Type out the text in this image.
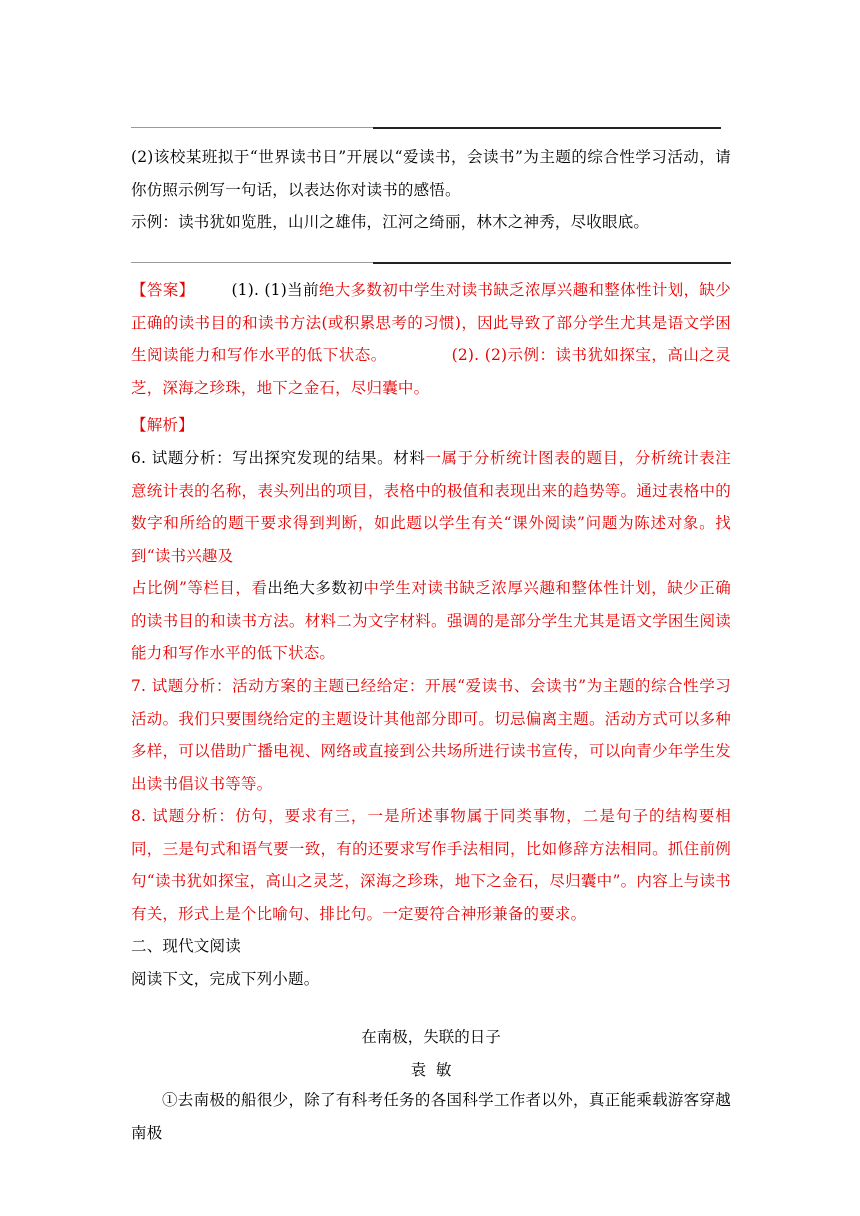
(2)该校某班拟于“世界读书日”开展以“爱读书，会读书”为主题的综合性学习活动，请你仿照示例写一句话，以表达你对读书的感悟。
示例：读书犹如览胜，山川之雄伟，江河之绮丽，林木之神秀，尽收眼底。
【答案】 (1). (1)当前绝大多数初中学生对读书缺乏浓厚兴趣和整体性计划，缺少正确的读书目的和读书方法(或积累思考的习惯)，因此导致了部分学生尤其是语文学困生阅读能力和写作水平的低下状态。	(2). (2)示例：读书犹如探宝，高山之灵芝，深海之珍珠，地下之金石，尽归囊中。
【解析】
6. 试题分析：写出探究发现的结果。材料一属于分析统计图表的题目，分析统计表注意统计表的名称，表头列出的项目，表格中的极值和表现出来的趋势等。通过表格中的数字和所给的题干要求得到判断，如此题以学生有关“课外阅读”问题为陈述对象。找到“读书兴趣及
占比例”等栏目，看出绝大多数初中学生对读书缺乏浓厚兴趣和整体性计划，缺少正确的读书目的和读书方法。材料二为文字材料。强调的是部分学生尤其是语文学困生阅读能力和写作水平的低下状态。
7. 试题分析：活动方案的主题已经给定：开展“爱读书、会读书”为主题的综合性学习活动。我们只要围绕给定的主题设计其他部分即可。切忌偏离主题。活动方式可以多种多样，可以借助广播电视、网络或直接到公共场所进行读书宣传，可以向青少年学生发出读书倡议书等等。
8. 试题分析：仿句，要求有三，一是所述事物属于同类事物，二是句子的结构要相同，三是句式和语气要一致，有的还要求写作手法相同，比如修辞方法相同。抓住前例句“读书犹如探宝，高山之灵芝，深海之珍珠，地下之金石，尽归囊中”。内容上与读书有关，形式上是个比喻句、排比句。一定要符合神形兼备的要求。
二、现代文阅读
阅读下文，完成下列小题。
在南极，失联的日子
袁  敏
①去南极的船很少，除了有科考任务的各国科学工作者以外，真正能乘载游客穿越南极
